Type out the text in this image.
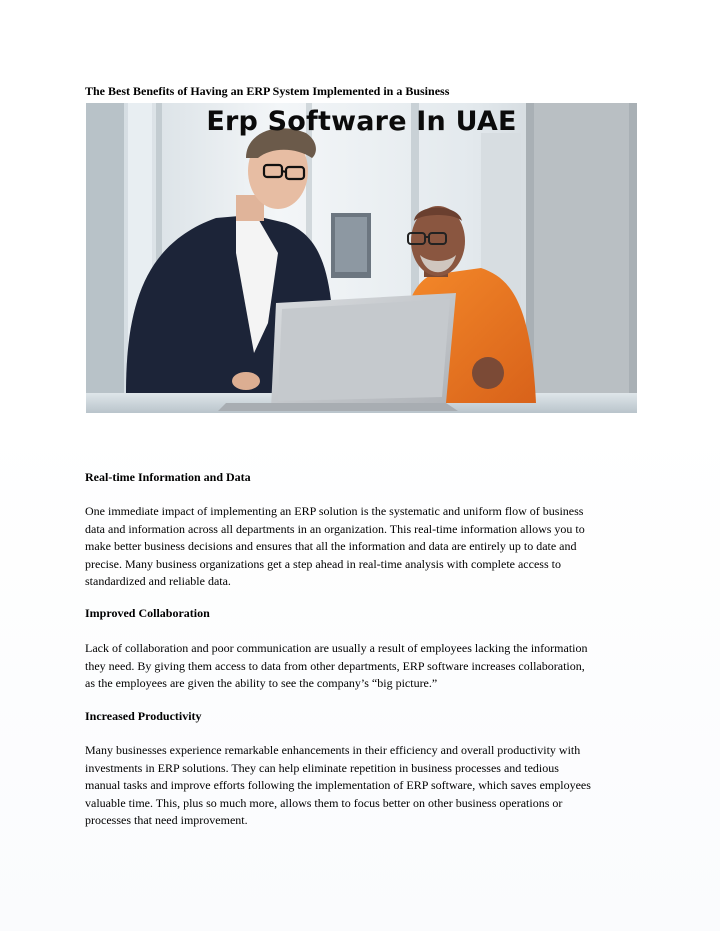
The Best Benefits of Having an ERP System Implemented in a Business
Erp Software In UAE
Real-time Information and Data
One immediate impact of implementing an ERP solution is the systematic and uniform flow of business
data and information across all departments in an organization. This real-time information allows you to
make better business decisions and ensures that all the information and data are entirely up to date and
precise. Many business organizations get a step ahead in real-time analysis with complete access to
standardized and reliable data.
Improved Collaboration
Lack of collaboration and poor communication are usually a result of employees lacking the information
they need. By giving them access to data from other departments, ERP software increases collaboration,
as the employees are given the ability to see the company’s “big picture.”
Increased Productivity
Many businesses experience remarkable enhancements in their efficiency and overall productivity with
investments in ERP solutions. They can help eliminate repetition in business processes and tedious
manual tasks and improve efforts following the implementation of ERP software, which saves employees
valuable time. This, plus so much more, allows them to focus better on other business operations or
processes that need improvement.
